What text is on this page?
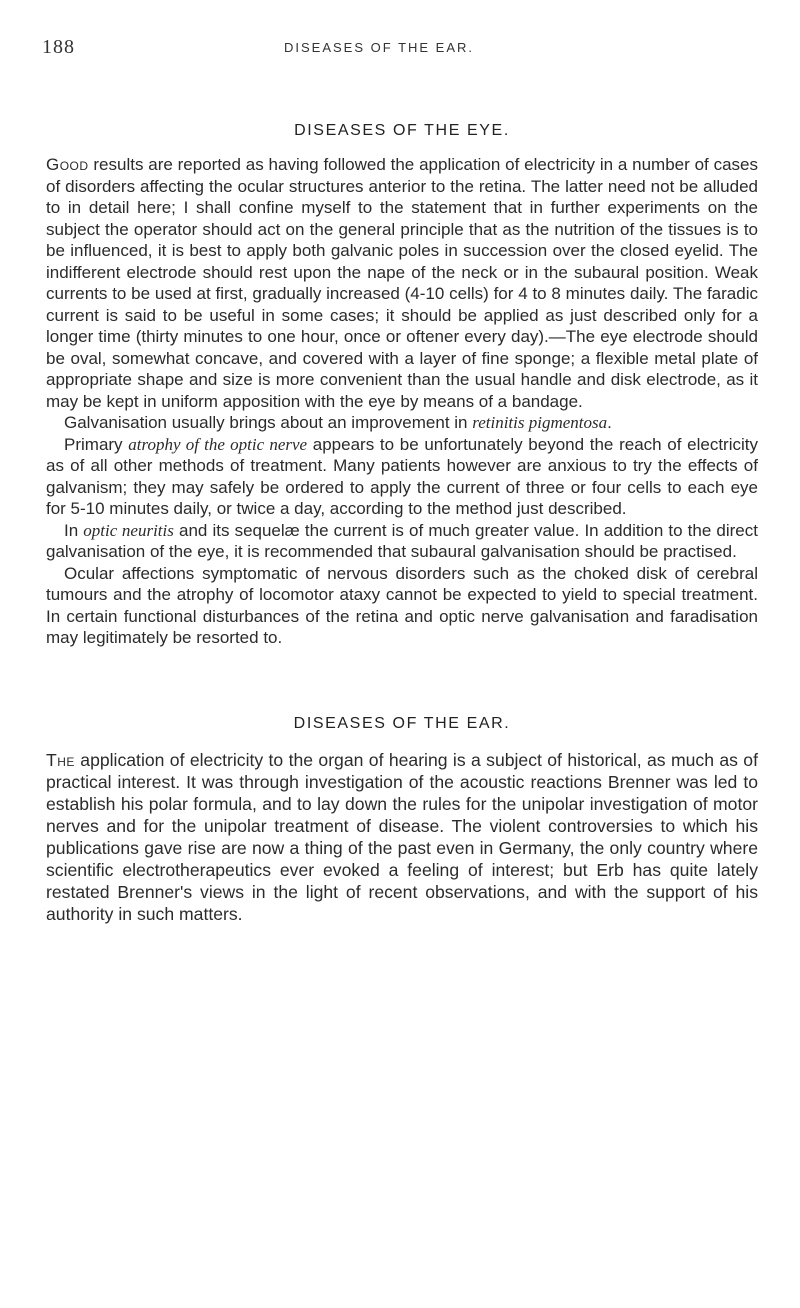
188	DISEASES OF THE EAR.
DISEASES OF THE EYE.

Good results are reported as having followed the application of electricity in a number of cases of disorders affecting the ocular structures anterior to the retina. The latter need not be alluded to in detail here; I shall confine myself to the statement that in further experiments on the subject the operator should act on the general principle that as the nutrition of the tissues is to be influenced, it is best to apply both galvanic poles in succession over the closed eyelid. The indifferent electrode should rest upon the nape of the neck or in the subaural position. Weak currents to be used at first, gradually increased (4-10 cells) for 4 to 8 minutes daily. The faradic current is said to be useful in some cases; it should be applied as just described only for a longer time (thirty minutes to one hour, once or oftener every day).—The eye electrode should be oval, somewhat concave, and covered with a layer of fine sponge; a flexible metal plate of appropriate shape and size is more convenient than the usual handle and disk electrode, as it may be kept in uniform apposition with the eye by means of a bandage.

Galvanisation usually brings about an improvement in retinitis pigmentosa.

Primary atrophy of the optic nerve appears to be unfortunately beyond the reach of electricity as of all other methods of treatment. Many patients however are anxious to try the effects of galvanism; they may safely be ordered to apply the current of three or four cells to each eye for 5-10 minutes daily, or twice a day, according to the method just described.

In optic neuritis and its sequelæ the current is of much greater value. In addition to the direct galvanisation of the eye, it is recommended that subaural galvanisation should be practised.

Ocular affections symptomatic of nervous disorders such as the choked disk of cerebral tumours and the atrophy of locomotor ataxy cannot be expected to yield to special treatment. In certain functional disturbances of the retina and optic nerve galvanisation and faradisation may legitimately be resorted to.

DISEASES OF THE EAR.

The application of electricity to the organ of hearing is a subject of historical, as much as of practical interest. It was through investigation of the acoustic reactions Brenner was led to establish his polar formula, and to lay down the rules for the unipolar investigation of motor nerves and for the unipolar treatment of disease. The violent controversies to which his publications gave rise are now a thing of the past even in Germany, the only country where scientific electrotherapeutics ever evoked a feeling of interest; but Erb has quite lately restated Brenner's views in the light of recent observations, and with the support of his authority in such matters.
